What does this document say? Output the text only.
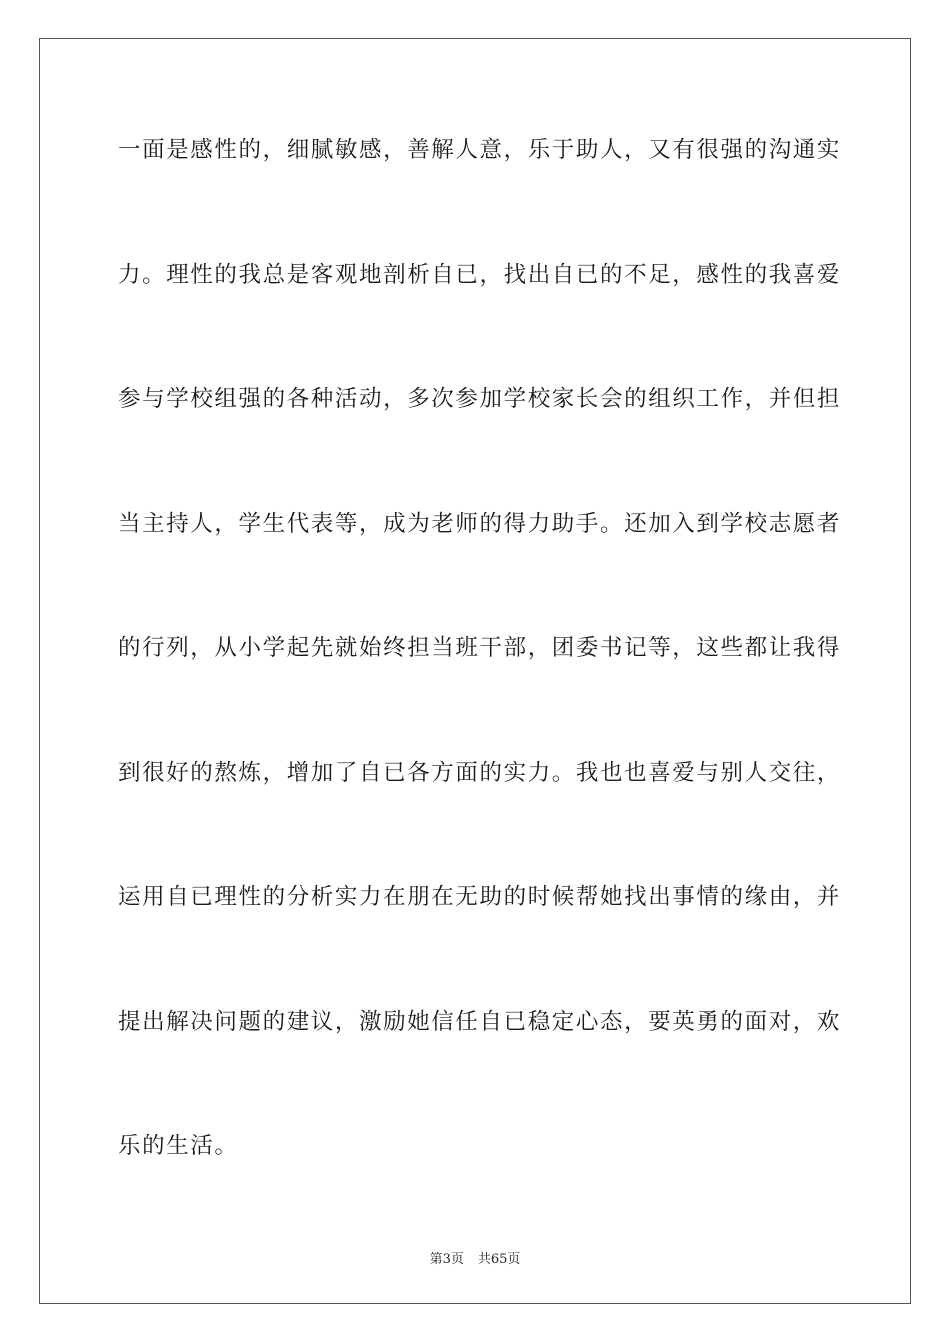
一面是感性的，细腻敏感，善解人意，乐于助人，又有很强的沟通实
力。理性的我总是客观地剖析自已，找出自已的不足，感性的我喜爱
参与学校组强的各种活动，多次参加学校家长会的组织工作，并但担
当主持人，学生代表等，成为老师的得力助手。还加入到学校志愿者
的行列，从小学起先就始终担当班干部，团委书记等，这些都让我得
到很好的熬炼，增加了自已各方面的实力。我也也喜爱与别人交往，
运用自已理性的分析实力在朋在无助的时候帮她找出事情的缘由，并
提出解决问题的建议，激励她信任自已稳定心态，要英勇的面对，欢
乐的生活。
第3页 共65页
